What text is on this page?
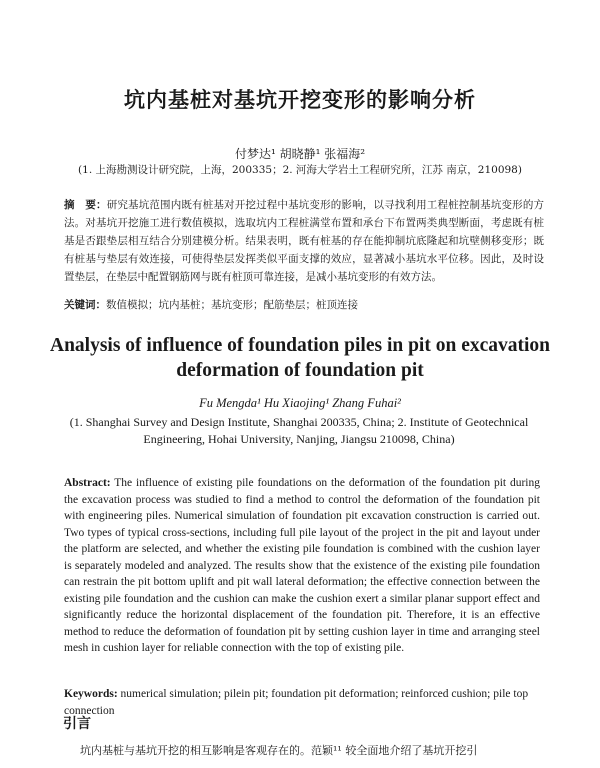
坑内基桩对基坑开挖变形的影响分析
付梦达¹ 胡晓静¹ 张福海²
(1. 上海勘测设计研究院，上海，200335；2. 河海大学岩土工程研究所，江苏 南京，210098)
摘　要：研究基坑范围内既有桩基对开挖过程中基坑变形的影响，以寻找利用工程桩控制基坑变形的方法。对基坑开挖施工进行数值模拟，选取坑内工程桩满堂布置和承台下布置两类典型断面，考虑既有桩基是否跟垫层相互结合分别建模分析。结果表明，既有桩基的存在能抑制坑底隆起和坑壁侧移变形；既有桩基与垫层有效连接，可使得垫层发挥类似平面支撑的效应，显著减小基坑水平位移。因此，及时设置垫层，在垫层中配置钢筋网与既有桩顶可靠连接，是减小基坑变形的有效方法。
关键词：数值模拟；坑内基桩；基坑变形；配筋垫层；桩顶连接
Analysis of influence of foundation piles in pit on excavation deformation of foundation pit
Fu Mengda¹ Hu Xiaojing¹ Zhang Fuhai²
(1. Shanghai Survey and Design Institute, Shanghai 200335, China; 2. Institute of Geotechnical Engineering, Hohai University, Nanjing, Jiangsu 210098, China)
Abstract: The influence of existing pile foundations on the deformation of the foundation pit during the excavation process was studied to find a method to control the deformation of the foundation pit with engineering piles. Numerical simulation of foundation pit excavation construction is carried out. Two types of typical cross-sections, including full pile layout of the project in the pit and layout under the platform are selected, and whether the existing pile foundation is combined with the cushion layer is separately modeled and analyzed. The results show that the existence of the existing pile foundation can restrain the pit bottom uplift and pit wall lateral deformation; the effective connection between the existing pile foundation and the cushion can make the cushion exert a similar planar support effect and significantly reduce the horizontal displacement of the foundation pit. Therefore, it is an effective method to reduce the deformation of foundation pit by setting cushion layer in time and arranging steel mesh in cushion layer for reliable connection with the top of existing pile.
Keywords: numerical simulation; pilein pit; foundation pit deformation; reinforced cushion; pile top connection
引言
坑内基桩与基坑开挖的相互影响是客观存在的。范颖¹¹ 较全面地介绍了基坑开挖引
